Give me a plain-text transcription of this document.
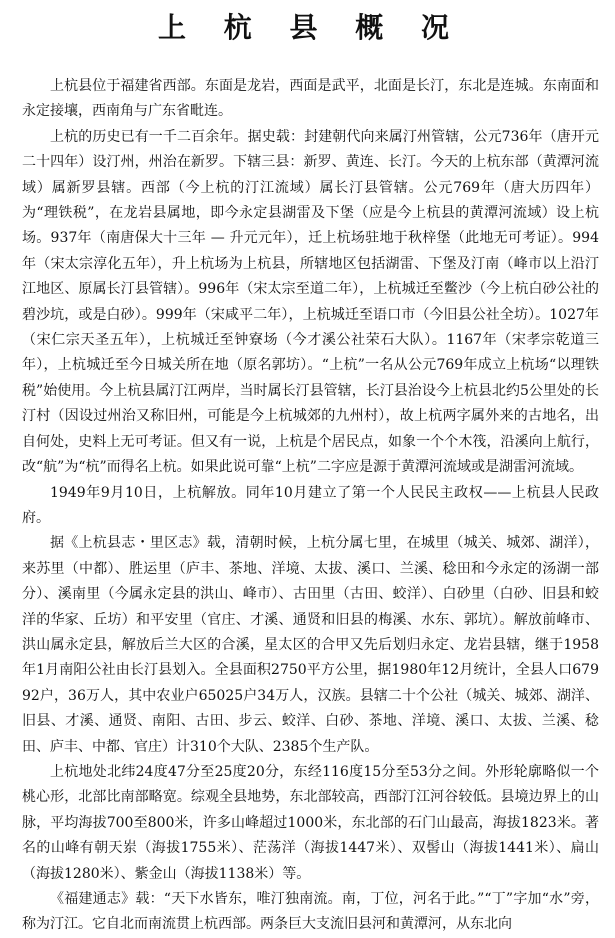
上 杭 县 概 况

上杭县位于福建省西部。东面是龙岩，西面是武平，北面是长汀，东北是连城。东南面和永定接壤，西南角与广东省毗连。

上杭的历史已有一千二百余年。据史载：封建朝代向来属汀州管辖，公元736年（唐开元二十四年）设汀州，州治在新罗。下辖三县：新罗、黄连、长汀。今天的上杭东部（黄潭河流域）属新罗县辖。西部（今上杭的汀江流域）属长汀县管辖。公元769年（唐大历四年）为“理铁税”，在龙岩县属地，即今永定县湖雷及下堡（应是今上杭县的黄潭河流域）设上杭场。937年（南唐保大十三年 — 升元元年），迁上杭场驻地于秋梓堡（此地无可考证）。994年（宋太宗淳化五年），升上杭场为上杭县，所辖地区包括湖雷、下堡及汀南（峰市以上沿汀江地区、原属长汀县管辖）。996年（宋太宗至道二年），上杭城迁至鳖沙（今上杭白砂公社的碧沙坑，或是白砂）。999年（宋咸平二年），上杭城迁至语口市（今旧县公社全坊）。1027年（宋仁宗天圣五年），上杭城迁至钟寮场（今才溪公社荣石大队）。1167年（宋孝宗乾道三年），上杭城迁至今日城关所在地（原名郭坊）。“上杭”一名从公元769年成立上杭场“以理铁税”始使用。今上杭县属汀江两岸，当时属长汀县管辖，长汀县治设今上杭县北约5公里处的长汀村（因设过州治又称旧州，可能是今上杭城郊的九州村），故上杭两字属外来的古地名，出自何处，史料上无可考证。但又有一说，上杭是个居民点，如象一个个木筏，沿溪向上航行，改“航”为“杭”而得名上杭。如果此说可靠“上杭”二字应是源于黄潭河流域或是湖雷河流域。

1949年9月10日，上杭解放。同年10月建立了第一个人民民主政权——上杭县人民政府。

据《上杭县志・里区志》载，清朝时候，上杭分属七里，在城里（城关、城郊、湖洋），来苏里（中都）、胜运里（庐丰、茶地、洋境、太拔、溪口、兰溪、稔田和今永定的汤湖一部分）、溪南里（今属永定县的洪山、峰市）、古田里（古田、蛟洋）、白砂里（白砂、旧县和蛟洋的华家、丘坊）和平安里（官庄、才溪、通贤和旧县的梅溪、水东、郭坑）。解放前峰市、洪山属永定县，解放后兰大区的合溪，星太区的合甲又先后划归永定、龙岩县辖，继于1958年1月南阳公社由长汀县划入。全县面积2750平方公里，据1980年12月统计，全县人口67992户，36万人，其中农业户65025户34万人，汉族。县辖二十个公社（城关、城郊、湖洋、旧县、才溪、通贤、南阳、古田、步云、蛟洋、白砂、茶地、洋境、溪口、太拔、兰溪、稔田、庐丰、中都、官庄）计310个大队、2385个生产队。

上杭地处北纬24度47分至25度20分，东经116度15分至53分之间。外形轮廓略似一个桃心形，北部比南部略宽。综观全县地势，东北部较高，西部汀江河谷较低。县境边界上的山脉，平均海拔700至800米，许多山峰超过1000米，东北部的石门山最高，海拔1823米。著名的山峰有朝天岽（海拔1755米）、茫荡洋（海拔1447米）、双髻山（海拔1441米）、扁山（海拔1280米）、紫金山（海拔1138米）等。

《福建通志》载：“天下水皆东，唯汀独南流。南，丁位，河名于此。”“丁”字加“水”旁，称为汀江。它自北而南流贯上杭西部。两条巨大支流旧县河和黄潭河，从东北向
